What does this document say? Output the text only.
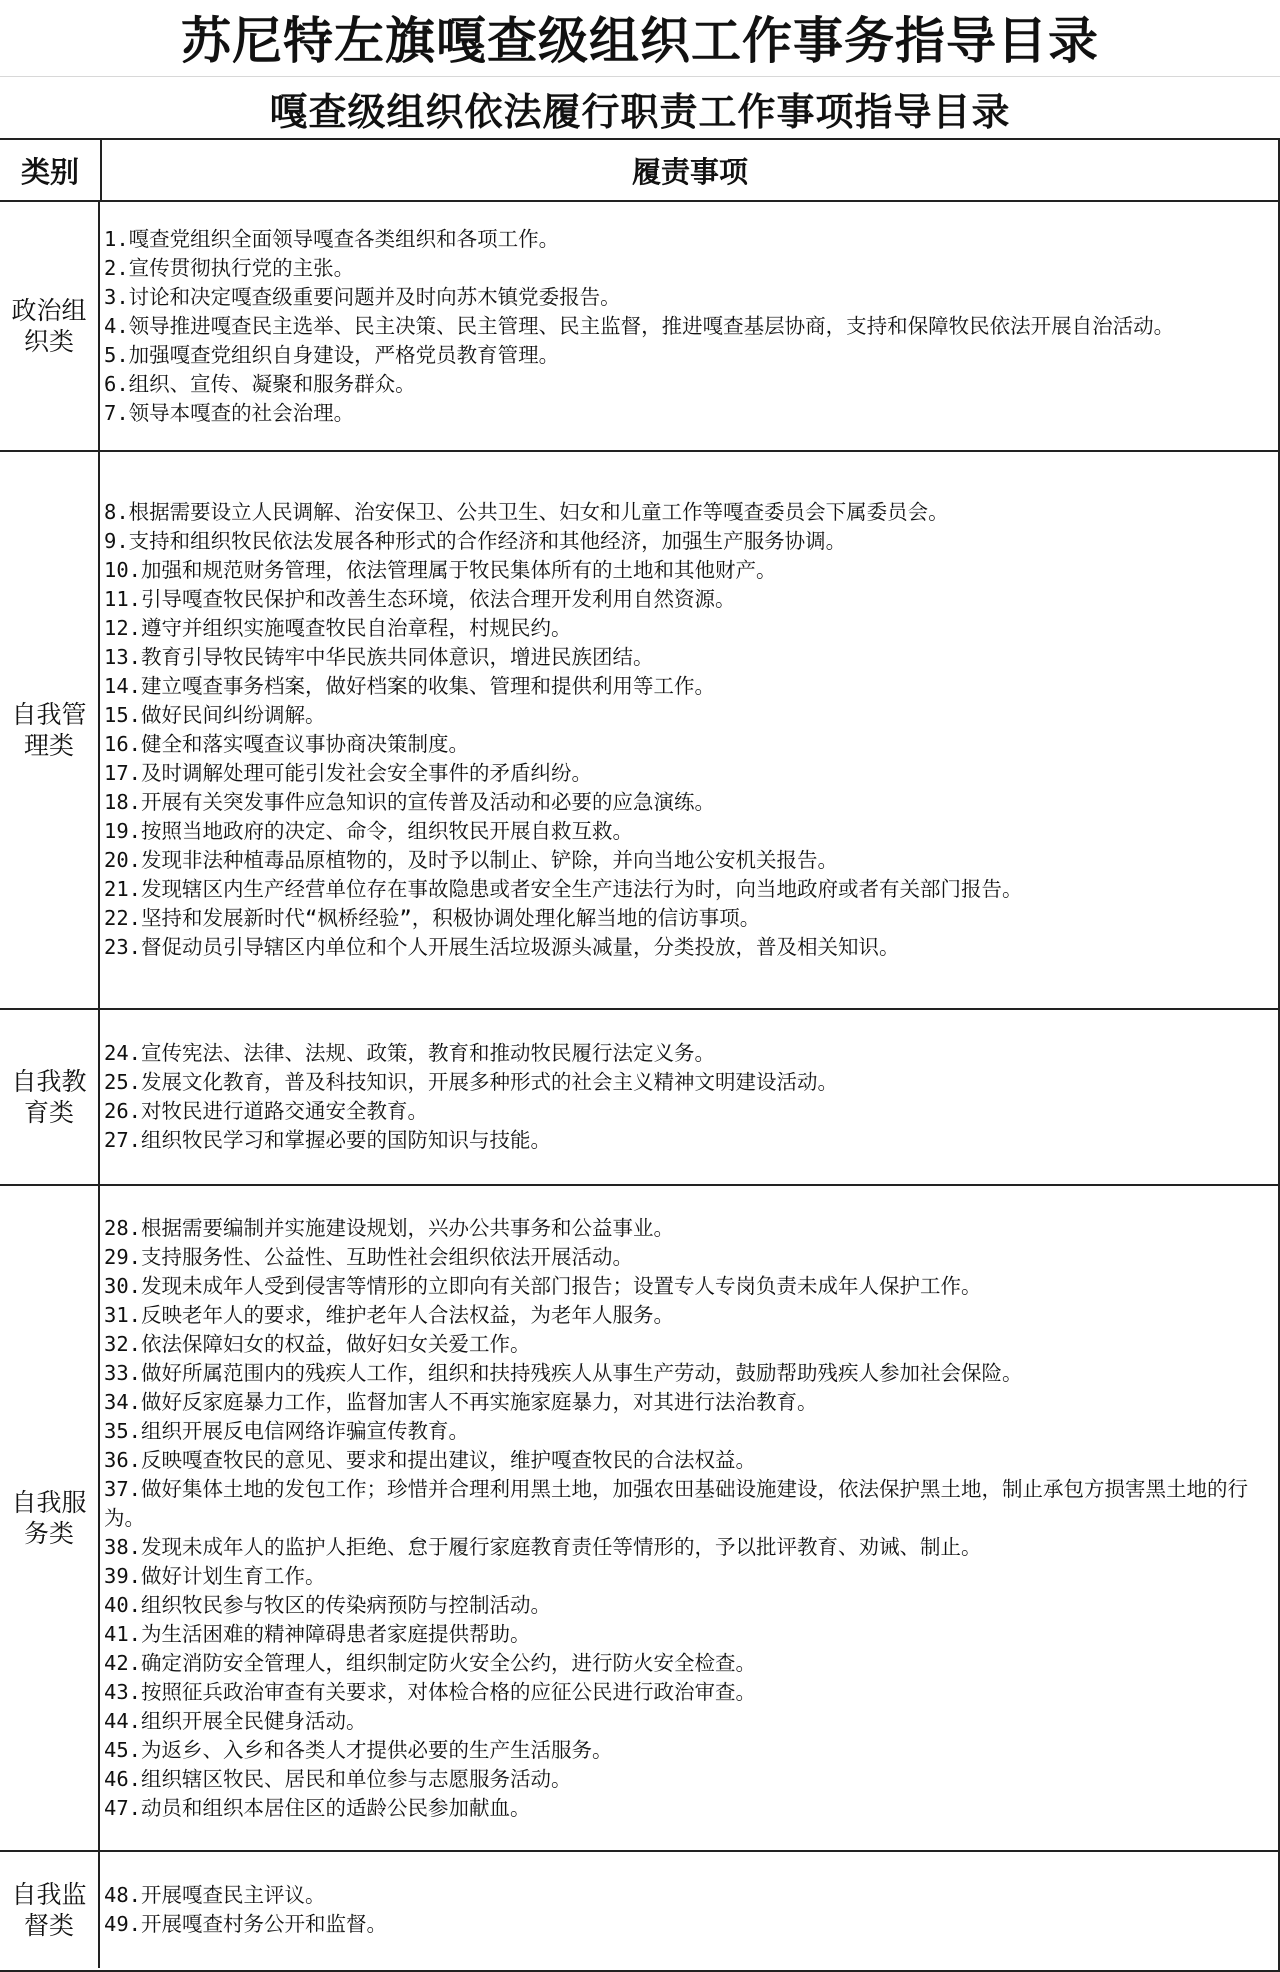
苏尼特左旗嘎查级组织工作事务指导目录
嘎查级组织依法履行职责工作事项指导目录
类别	履责事项
政治组织类
1.嘎查党组织全面领导嘎查各类组织和各项工作。
2.宣传贯彻执行党的主张。
3.讨论和决定嘎查级重要问题并及时向苏木镇党委报告。
4.领导推进嘎查民主选举、民主决策、民主管理、民主监督，推进嘎查基层协商，支持和保障牧民依法开展自治活动。
5.加强嘎查党组织自身建设，严格党员教育管理。
6.组织、宣传、凝聚和服务群众。
7.领导本嘎查的社会治理。
自我管理类
8.根据需要设立人民调解、治安保卫、公共卫生、妇女和儿童工作等嘎查委员会下属委员会。
9.支持和组织牧民依法发展各种形式的合作经济和其他经济，加强生产服务协调。
10.加强和规范财务管理，依法管理属于牧民集体所有的土地和其他财产。
11.引导嘎查牧民保护和改善生态环境，依法合理开发利用自然资源。
12.遵守并组织实施嘎查牧民自治章程，村规民约。
13.教育引导牧民铸牢中华民族共同体意识，增进民族团结。
14.建立嘎查事务档案，做好档案的收集、管理和提供利用等工作。
15.做好民间纠纷调解。
16.健全和落实嘎查议事协商决策制度。
17.及时调解处理可能引发社会安全事件的矛盾纠纷。
18.开展有关突发事件应急知识的宣传普及活动和必要的应急演练。
19.按照当地政府的决定、命令，组织牧民开展自救互救。
20.发现非法种植毒品原植物的，及时予以制止、铲除，并向当地公安机关报告。
21.发现辖区内生产经营单位存在事故隐患或者安全生产违法行为时，向当地政府或者有关部门报告。
22.坚持和发展新时代“枫桥经验”，积极协调处理化解当地的信访事项。
23.督促动员引导辖区内单位和个人开展生活垃圾源头减量，分类投放，普及相关知识。
自我教育类
24.宣传宪法、法律、法规、政策，教育和推动牧民履行法定义务。
25.发展文化教育，普及科技知识，开展多种形式的社会主义精神文明建设活动。
26.对牧民进行道路交通安全教育。
27.组织牧民学习和掌握必要的国防知识与技能。
自我服务类
28.根据需要编制并实施建设规划，兴办公共事务和公益事业。
29.支持服务性、公益性、互助性社会组织依法开展活动。
30.发现未成年人受到侵害等情形的立即向有关部门报告；设置专人专岗负责未成年人保护工作。
31.反映老年人的要求，维护老年人合法权益，为老年人服务。
32.依法保障妇女的权益，做好妇女关爱工作。
33.做好所属范围内的残疾人工作，组织和扶持残疾人从事生产劳动，鼓励帮助残疾人参加社会保险。
34.做好反家庭暴力工作，监督加害人不再实施家庭暴力，对其进行法治教育。
35.组织开展反电信网络诈骗宣传教育。
36.反映嘎查牧民的意见、要求和提出建议，维护嘎查牧民的合法权益。
37.做好集体土地的发包工作；珍惜并合理利用黑土地，加强农田基础设施建设，依法保护黑土地，制止承包方损害黑土地的行为。
38.发现未成年人的监护人拒绝、怠于履行家庭教育责任等情形的，予以批评教育、劝诫、制止。
39.做好计划生育工作。
40.组织牧民参与牧区的传染病预防与控制活动。
41.为生活困难的精神障碍患者家庭提供帮助。
42.确定消防安全管理人，组织制定防火安全公约，进行防火安全检查。
43.按照征兵政治审查有关要求，对体检合格的应征公民进行政治审查。
44.组织开展全民健身活动。
45.为返乡、入乡和各类人才提供必要的生产生活服务。
46.组织辖区牧民、居民和单位参与志愿服务活动。
47.动员和组织本居住区的适龄公民参加献血。
自我监督类
48.开展嘎查民主评议。
49.开展嘎查村务公开和监督。
